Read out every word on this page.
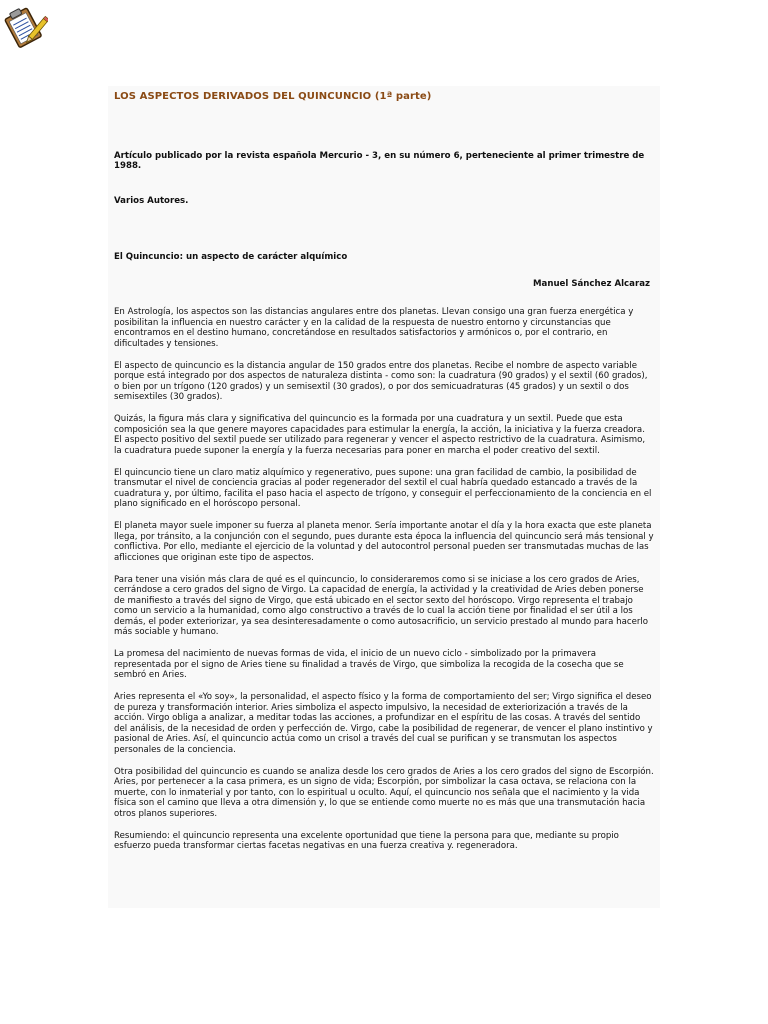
LOS ASPECTOS DERIVADOS DEL QUINCUNCIO (1ª parte)

Artículo publicado por la revista española Mercurio - 3, en su número 6, perteneciente al primer trimestre de 1988.

Varios Autores.

El Quincuncio: un aspecto de carácter alquímico

Manuel Sánchez Alcaraz

En Astrología, los aspectos son las distancias angulares entre dos planetas. Llevan consigo una gran fuerza energética y posibilitan la influencia en nuestro carácter y en la calidad de la respuesta de nuestro entorno y circunstancias que encontramos en el destino humano, concretándose en resultados satisfactorios y armónicos o, por el contrario, en dificultades y tensiones.

El aspecto de quincuncio es la distancia angular de 150 grados entre dos planetas. Recibe el nombre de aspecto variable porque está integrado por dos aspectos de naturaleza distinta - como son: la cuadratura (90 grados) y el sextil (60 grados), o bien por un trígono (120 grados) y un semisextil (30 grados), o por dos semicuadraturas (45 grados) y un sextil o dos semisextiles (30 grados).

Quizás, la figura más clara y significativa del quincuncio es la formada por una cuadratura y un sextil. Puede que esta composición sea la que genere mayores capacidades para estimular la energía, la acción, la iniciativa y la fuerza creadora. El aspecto positivo del sextil puede ser utilizado para regenerar y vencer el aspecto restrictivo de la cuadratura. Asimismo, la cuadratura puede suponer la energía y la fuerza necesarias para poner en marcha el poder creativo del sextil.

El quincuncio tiene un claro matiz alquímico y regenerativo, pues supone: una gran facilidad de cambio, la posibilidad de transmutar el nivel de conciencia gracias al poder regenerador del sextil el cual habría quedado estancado a través de la cuadratura y, por último, facilita el paso hacia el aspecto de trígono, y conseguir el perfeccionamiento de la conciencia en el plano significado en el horóscopo personal.

El planeta mayor suele imponer su fuerza al planeta menor. Sería importante anotar el día y la hora exacta que este planeta llega, por tránsito, a la conjunción con el segundo, pues durante esta época la influencia del quincuncio será más tensional y conflictiva. Por ello, mediante el ejercicio de la voluntad y del autocontrol personal pueden ser transmutadas muchas de las aflicciones que originan este tipo de aspectos.

Para tener una visión más clara de qué es el quincuncio, lo consideraremos como si se iniciase a los cero grados de Aries, cerrándose a cero grados del signo de Virgo. La capacidad de energía, la actividad y la creatividad de Aries deben ponerse de manifiesto a través del signo de Virgo, que está ubicado en el sector sexto del horóscopo. Virgo representa el trabajo como un servicio a la humanidad, como algo constructivo a través de lo cual la acción tiene por finalidad el ser útil a los demás, el poder exteriorizar, ya sea desinteresadamente o como autosacrificio, un servicio prestado al mundo para hacerlo más sociable y humano.

La promesa del nacimiento de nuevas formas de vida, el inicio de un nuevo ciclo - simbolizado por la primavera representada por el signo de Aries tiene su finalidad a través de Virgo, que simboliza la recogida de la cosecha que se sembró en Aries.

Aries representa el «Yo soy», la personalidad, el aspecto físico y la forma de comportamiento del ser; Virgo significa el deseo de pureza y transformación interior. Aries simboliza el aspecto impulsivo, la necesidad de exteriorización a través de la acción. Virgo obliga a analizar, a meditar todas las acciones, a profundizar en el espíritu de las cosas. A través del sentido del análisis, de la necesidad de orden y perfección de. Virgo, cabe la posibilidad de regenerar, de vencer el plano instintivo y pasional de Aries. Así, el quincuncio actúa como un crisol a través del cual se purifican y se transmutan los aspectos personales de la conciencia.

Otra posibilidad del quincuncio es cuando se analiza desde los cero grados de Aries a los cero grados del signo de Escorpión. Aries, por pertenecer a la casa primera, es un signo de vida; Escorpión, por simbolizar la casa octava, se relaciona con la muerte, con lo inmaterial y por tanto, con lo espiritual u oculto. Aquí, el quincuncio nos señala que el nacimiento y la vida física son el camino que lleva a otra dimensión y, lo que se entiende como muerte no es más que una transmutación hacia otros planos superiores.

Resumiendo: el quincuncio representa una excelente oportunidad que tiene la persona para que, mediante su propio esfuerzo pueda transformar ciertas facetas negativas en una fuerza creativa y. regeneradora.
